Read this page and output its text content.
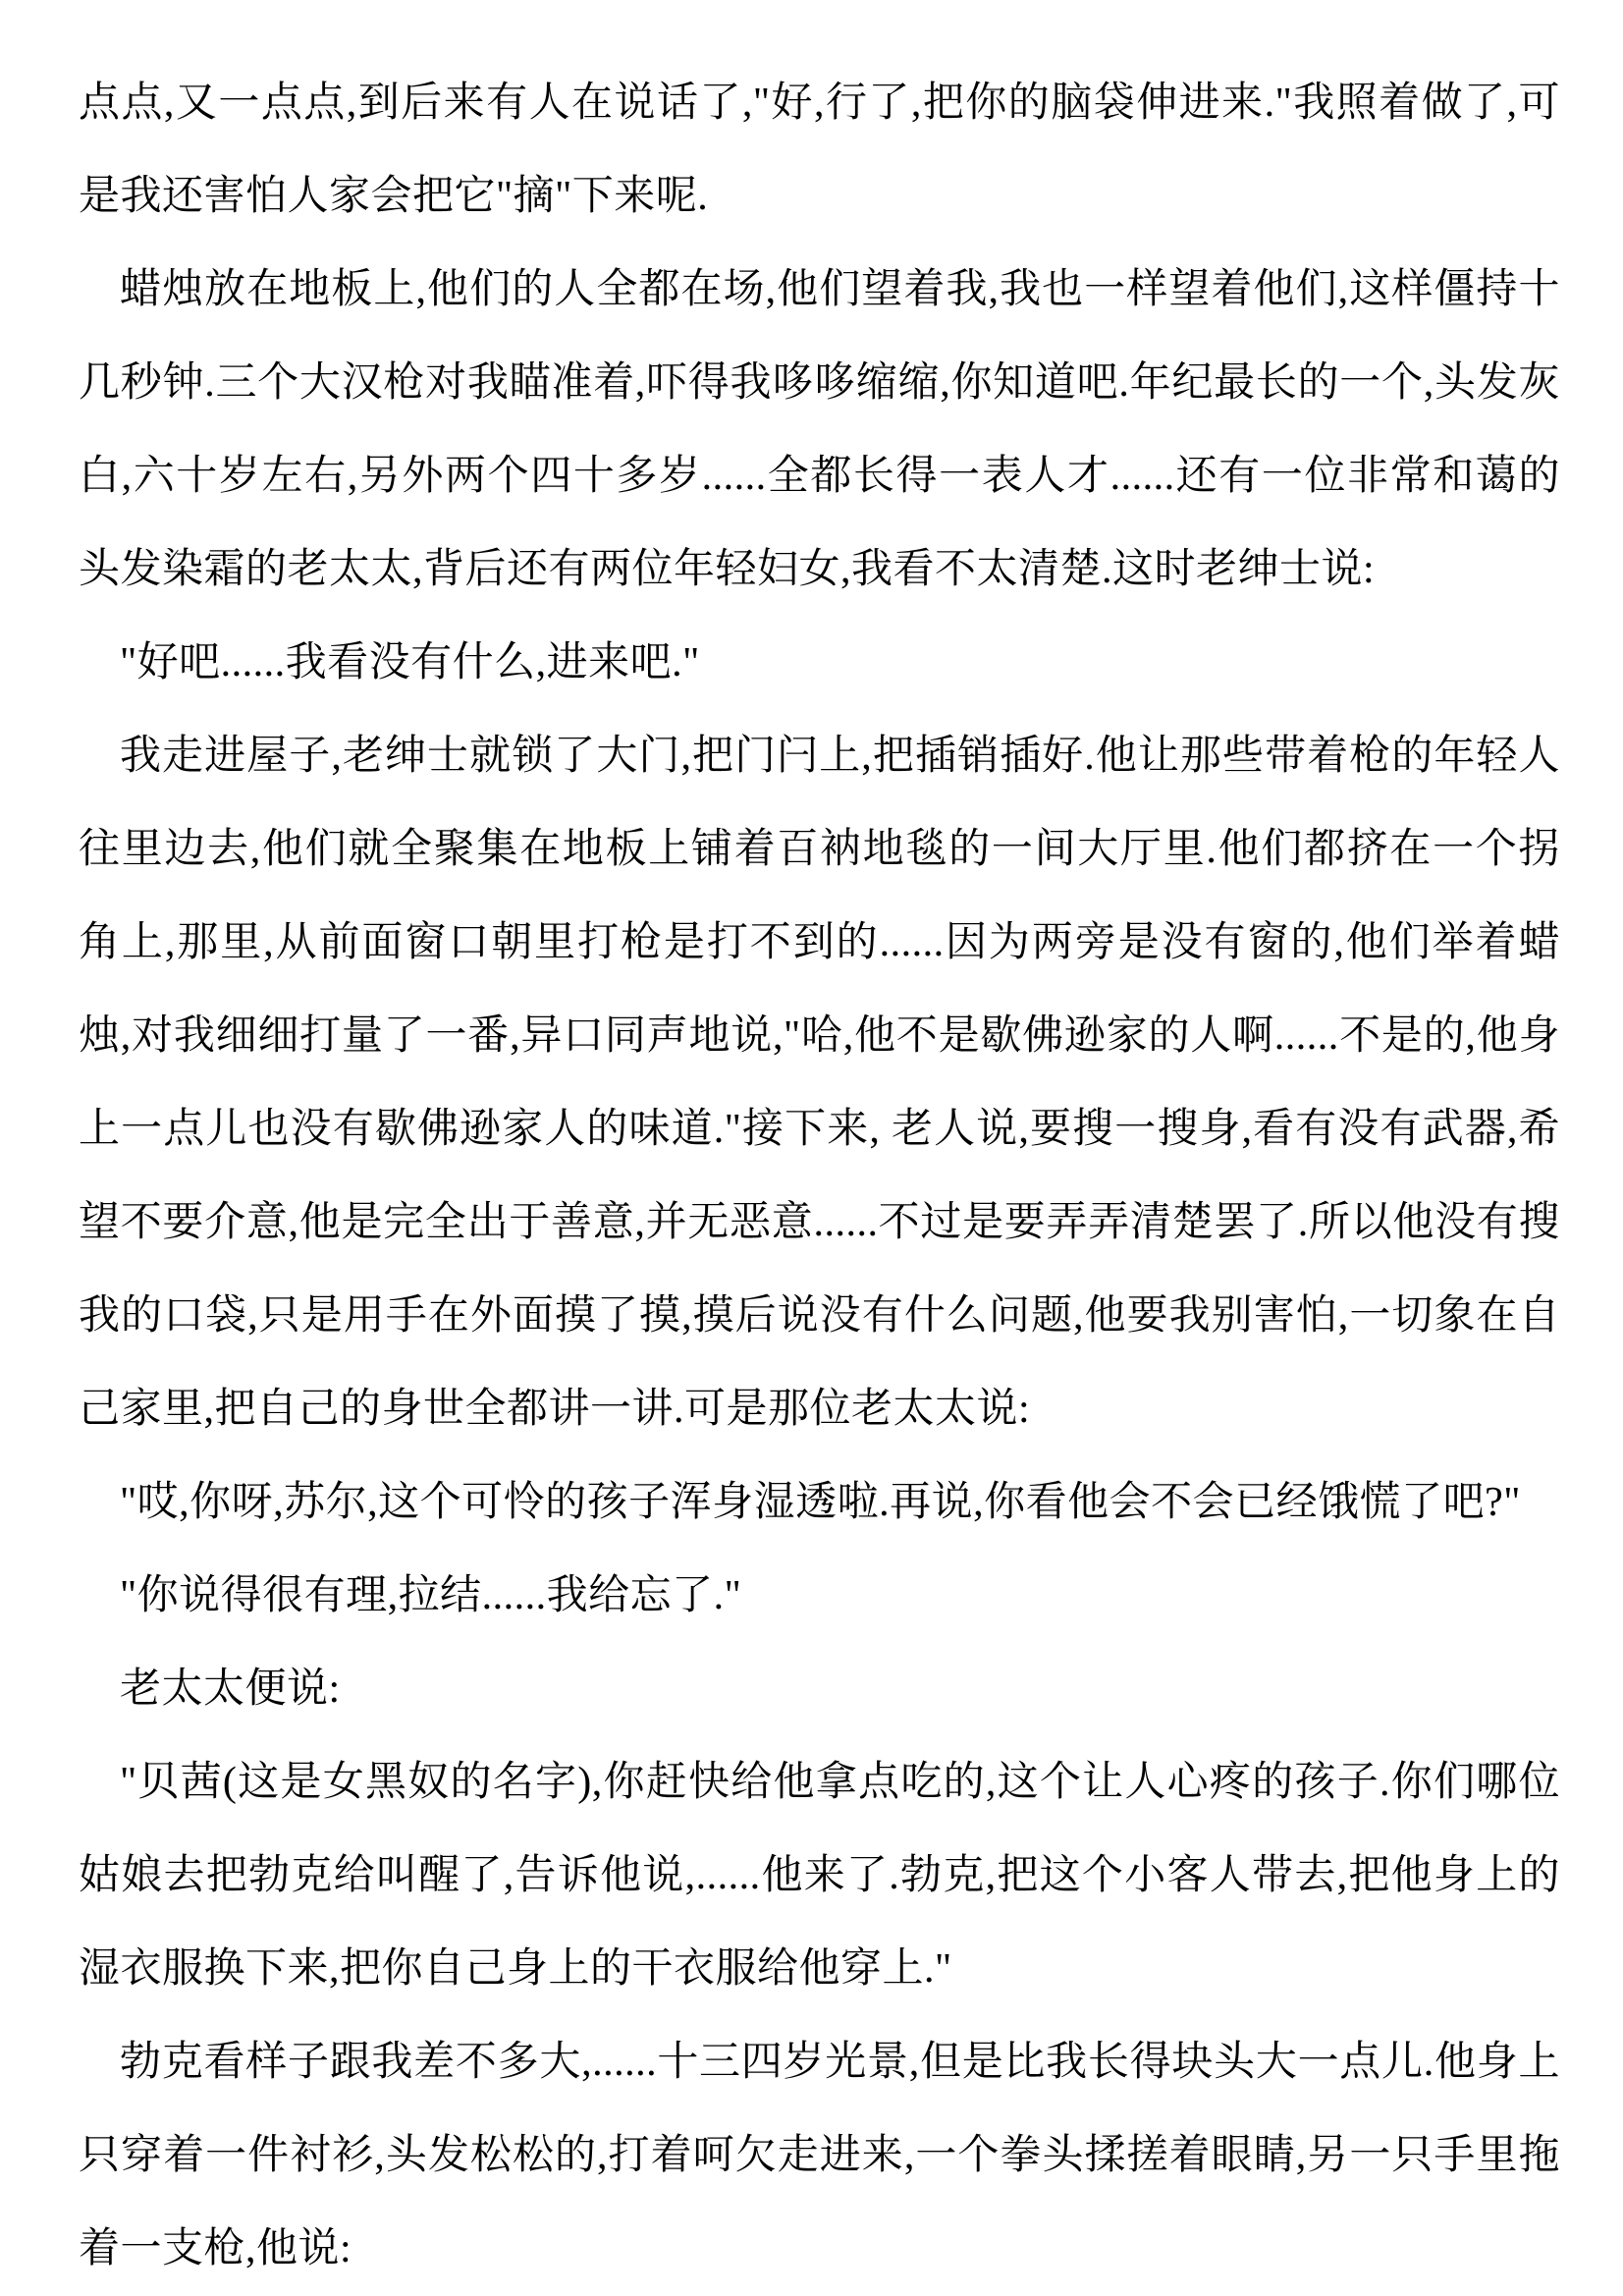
点点,又一点点,到后来有人在说话了,"好,行了,把你的脑袋伸进来."我照着做了,可是我还害怕人家会把它"摘"下来呢.

蜡烛放在地板上,他们的人全都在场,他们望着我,我也一样望着他们,这样僵持十几秒钟.三个大汉枪对我瞄准着,吓得我哆哆缩缩,你知道吧.年纪最长的一个,头发灰白,六十岁左右,另外两个四十多岁......全都长得一表人才......还有一位非常和蔼的头发染霜的老太太,背后还有两位年轻妇女,我看不太清楚.这时老绅士说:

"好吧......我看没有什么,进来吧."

我走进屋子,老绅士就锁了大门,把门闩上,把插销插好.他让那些带着枪的年轻人往里边去,他们就全聚集在地板上铺着百衲地毯的一间大厅里.他们都挤在一个拐角上,那里,从前面窗口朝里打枪是打不到的......因为两旁是没有窗的,他们举着蜡烛,对我细细打量了一番,异口同声地说,"哈,他不是歇佛逊家的人啊......不是的,他身上一点儿也没有歇佛逊家人的味道."接下来, 老人说,要搜一搜身,看有没有武器,希望不要介意,他是完全出于善意,并无恶意......不过是要弄弄清楚罢了.所以他没有搜我的口袋,只是用手在外面摸了摸,摸后说没有什么问题,他要我别害怕,一切象在自己家里,把自己的身世全都讲一讲.可是那位老太太说:

"哎,你呀,苏尔,这个可怜的孩子浑身湿透啦.再说,你看他会不会已经饿慌了吧?"

"你说得很有理,拉结......我给忘了."

老太太便说:

"贝茜(这是女黑奴的名字),你赶快给他拿点吃的,这个让人心疼的孩子.你们哪位姑娘去把勃克给叫醒了,告诉他说,......他来了.勃克,把这个小客人带去,把他身上的湿衣服换下来,把你自己身上的干衣服给他穿上."

勃克看样子跟我差不多大,......十三四岁光景,但是比我长得块头大一点儿.他身上只穿着一件衬衫,头发松松的,打着呵欠走进来,一个拳头揉搓着眼睛,另一只手里拖着一支枪,他说:
